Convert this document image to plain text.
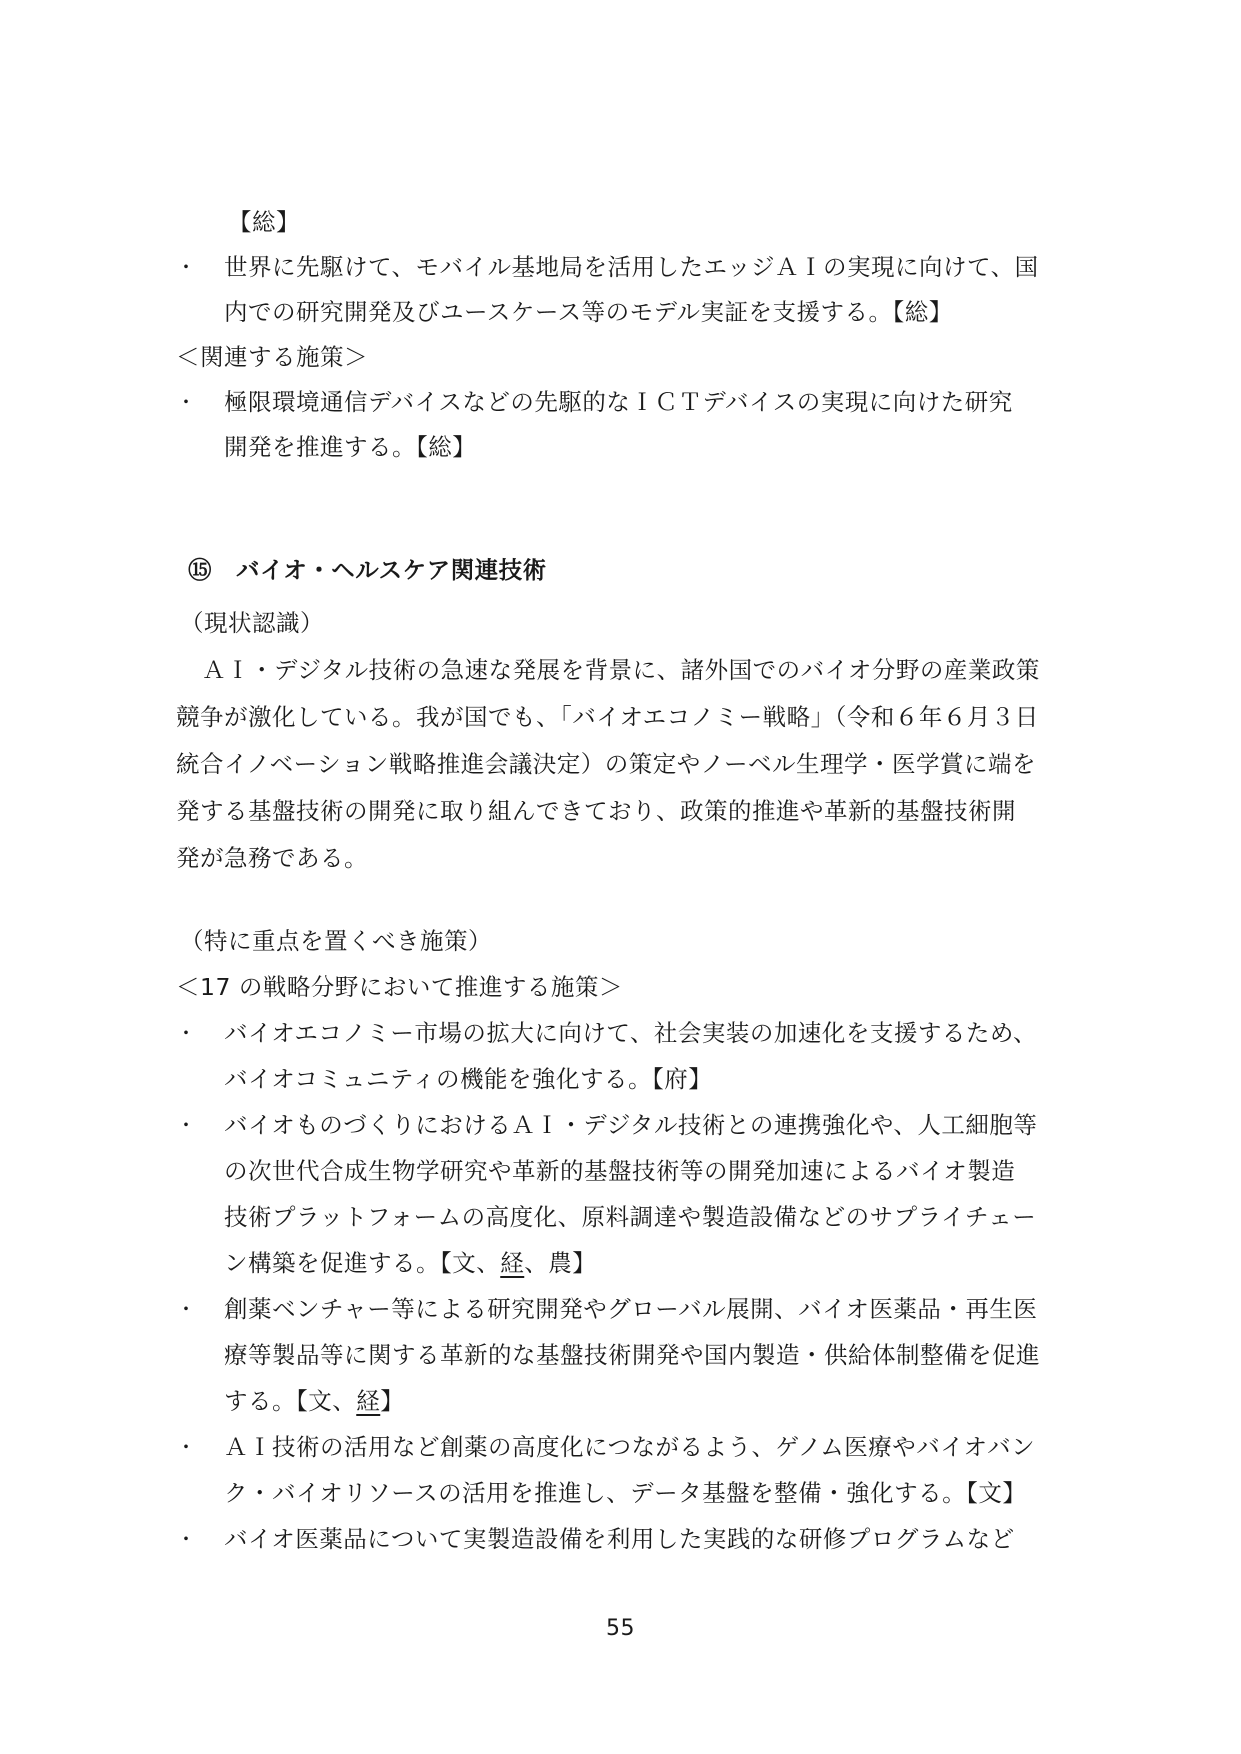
【総】
・ 世界に先駆けて、モバイル基地局を活用したエッジＡＩの実現に向けて、国
内での研究開発及びユースケース等のモデル実証を支援する。【総】
＜関連する施策＞
・ 極限環境通信デバイスなどの先駆的なＩＣＴデバイスの実現に向けた研究
開発を推進する。【総】
⑮ バイオ・ヘルスケア関連技術
（現状認識）
ＡＩ・デジタル技術の急速な発展を背景に、諸外国でのバイオ分野の産業政策
競争が激化している。我が国でも、「バイオエコノミー戦略」（令和６年６月３日
統合イノベーション戦略推進会議決定）の策定やノーベル生理学・医学賞に端を
発する基盤技術の開発に取り組んできており、政策的推進や革新的基盤技術開
発が急務である。
（特に重点を置くべき施策）
＜17 の戦略分野において推進する施策＞
・ バイオエコノミー市場の拡大に向けて、社会実装の加速化を支援するため、
バイオコミュニティの機能を強化する。【府】
・ バイオものづくりにおけるＡＩ・デジタル技術との連携強化や、人工細胞等
の次世代合成生物学研究や革新的基盤技術等の開発加速によるバイオ製造
技術プラットフォームの高度化、原料調達や製造設備などのサプライチェー
ン構築を促進する。【文、経、農】
・ 創薬ベンチャー等による研究開発やグローバル展開、バイオ医薬品・再生医
療等製品等に関する革新的な基盤技術開発や国内製造・供給体制整備を促進
する。【文、経】
・ ＡＩ技術の活用など創薬の高度化につながるよう、ゲノム医療やバイオバン
ク・バイオリソースの活用を推進し、データ基盤を整備・強化する。【文】
・ バイオ医薬品について実製造設備を利用した実践的な研修プログラムなど
55
